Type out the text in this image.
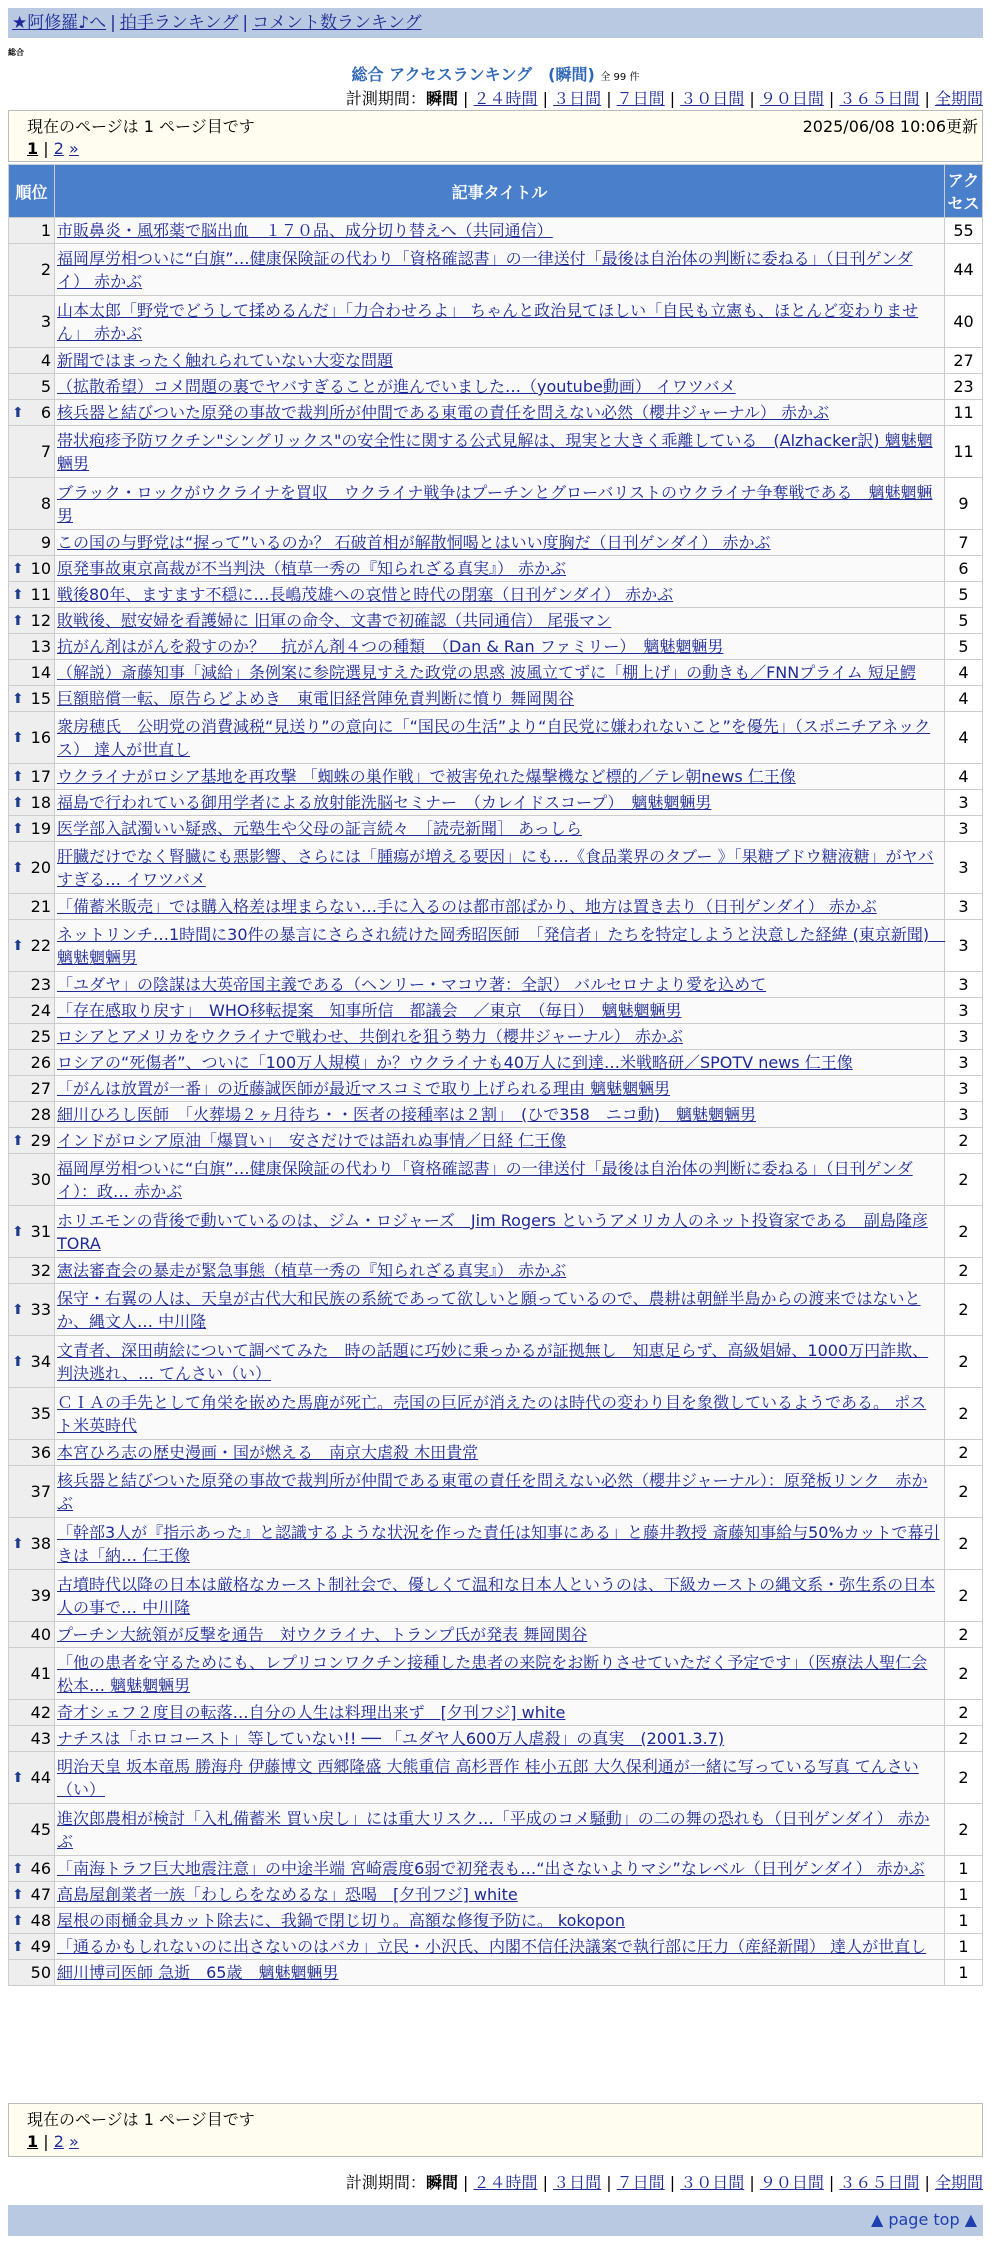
★阿修羅♪へ | 拍手ランキング | コメント数ランキング
総合
総合 アクセスランキング　(瞬間) 全 99 件
計測期間：瞬間 | ２４時間 | ３日間 | ７日間 | ３０日間 | ９０日間 | ３６５日間 | 全期間
現在のページは 1 ページ目です	2025/06/08 10:06更新
1 | 2 »
順位	記事タイトル	アクセス
1	市販鼻炎・風邪薬で脳出血　１７０品、成分切り替えへ（共同通信）	55
2	福岡厚労相ついに“白旗”…健康保険証の代わり「資格確認書」の一律送付「最後は自治体の判断に委ねる」（日刊ゲンダイ） 赤かぶ	44
3	山本太郎「野党でどうして揉めるんだ」「力合わせろよ」 ちゃんと政治見てほしい「自民も立憲も、ほとんど変わりません」 赤かぶ	40
4	新聞ではまったく触れられていない大変な問題	27
5	（拡散希望）コメ問題の裏でヤバすぎることが進んでいました…（youtube動画） イワツバメ	23

⬆ 6	核兵器と結びついた原発の事故で裁判所が仲間である東電の責任を問えない必然（櫻井ジャーナル） 赤かぶ	11
7	帯状疱疹予防ワクチン"シングリックス"の安全性に関する公式見解は、現実と大きく乖離している　(Alzhacker訳) 魑魅魍魎男	11
8	ブラック・ロックがウクライナを買収　ウクライナ戦争はプーチンとグローバリストのウクライナ争奪戦である　魑魅魍魎男	9
9	この国の与野党は“握って”いるのか？ 石破首相が解散恫喝とはいい度胸だ（日刊ゲンダイ） 赤かぶ	7

⬆ 10	原発事故東京高裁が不当判決（植草一秀の『知られざる真実』） 赤かぶ	6

⬆ 11	戦後80年、ますます不穏に…長嶋茂雄への哀惜と時代の閉塞（日刊ゲンダイ） 赤かぶ	5

⬆ 12	敗戦後、慰安婦を看護婦に 旧軍の命令、文書で初確認（共同通信） 尾張マン	5
13	抗がん剤はがんを殺すのか？　抗がん剤４つの種類　（Dan & Ran ファミリー）　魑魅魍魎男	5
14	（解説）斎藤知事「減給」条例案に参院選見すえた政党の思惑 波風立てずに「棚上げ」の動きも／FNNプライム 短足鰐	4

⬆ 15	巨額賠償一転、原告らどよめき　東電旧経営陣免責判断に憤り 舞岡関谷	4

⬆ 16	衆房穂氏　公明党の消費減税“見送り”の意向に「“国民の生活”より“自民党に嫌われないこと”を優先」（スポニチアネックス） 達人が世直し	4

⬆ 17	ウクライナがロシア基地を再攻撃 「蜘蛛の巣作戦」で被害免れた爆撃機など標的／テレ朝news 仁王像	4

⬆ 18	福島で行われている御用学者による放射能洗脳セミナー　（カレイドスコープ）　魑魅魍魎男	3

⬆ 19	医学部入試濁いい疑惑、元塾生や父母の証言続々　［読売新聞］ あっしら	3

⬆ 20	肝臓だけでなく腎臓にも悪影響、さらには「腫瘍が増える要因」にも…《食品業界のタブー 》「果糖ブドウ糖液糖」がヤバすぎる… イワツバメ	3
21	「備蓄米販売」では購入格差は埋まらない…手に入るのは都市部ばかり、地方は置き去り（日刊ゲンダイ） 赤かぶ	3

⬆ 22	ネットリンチ…1時間に30件の暴言にさらされ続けた岡秀昭医師　「発信者」たちを特定しようと決意した経緯 (東京新聞)　魑魅魍魎男	3
23	「ユダヤ」の陰謀は大英帝国主義である（ヘンリー・マコウ著：全訳） バルセロナより愛を込めて	3
24	「存在感取り戻す」　WHO移転提案　知事所信　都議会　／東京　（毎日）　魑魅魍魎男	3
25	ロシアとアメリカをウクライナで戦わせ、共倒れを狙う勢力（櫻井ジャーナル） 赤かぶ	3
26	ロシアの“死傷者”、ついに「100万人規模」か？ウクライナも40万人に到達…米戦略研／SPOTV news 仁王像	3
27	「がんは放置が一番」の近藤誠医師が最近マスコミで取り上げられる理由 魑魅魍魎男	3
28	細川ひろし医師　「火葬場２ヶ月待ち・・医者の接種率は２割」　(ひで358　ニコ動)　魑魅魍魎男	3

⬆ 29	インドがロシア原油「爆買い」　安さだけでは語れぬ事情／日経 仁王像	2
30	福岡厚労相ついに“白旗”…健康保険証の代わり「資格確認書」の一律送付「最後は自治体の判断に委ねる」（日刊ゲンダイ）：政… 赤かぶ	2

⬆ 31	ホリエモンの背後で動いているのは、ジム・ロジャーズ　Jim Rogers というアメリカ人のネット投資家である　副島隆彦TORA	2
32	憲法審査会の暴走が緊急事態（植草一秀の『知られざる真実』） 赤かぶ	2

⬆ 33	保守・右翼の人は、天皇が古代大和民族の系統であって欲しいと願っているので、農耕は朝鮮半島からの渡来ではないとか、縄文人… 中川隆	2

⬆ 34	文青者、深田萌絵について調べてみた　時の話題に巧妙に乗っかるが証拠無し　知恵足らず、高級娼婦、1000万円詐欺、判決逃れ、… てんさい（い）	2
35	ＣＩＡの手先として角栄を嵌めた馬鹿が死亡。売国の巨匠が消えたのは時代の変わり目を象徴しているようである。 ポスト米英時代	2
36	本宮ひろ志の歴史漫画・国が燃える　南京大虐殺 木田貴常	2
37	核兵器と結びついた原発の事故で裁判所が仲間である東電の責任を問えない必然（櫻井ジャーナル）：原発板リンク　赤かぶ	2

⬆ 38	「幹部3人が『指示あった』と認識するような状況を作った責任は知事にある」と藤井教授 斎藤知事給与50%カットで幕引きは「納… 仁王像	2
39	古墳時代以降の日本は厳格なカースト制社会で、優しくて温和な日本人というのは、下級カーストの縄文系・弥生系の日本人の事で… 中川隆	2
40	プーチン大統領が反撃を通告　対ウクライナ、トランプ氏が発表 舞岡関谷	2
41	「他の患者を守るためにも、レプリコンワクチン接種した患者の来院をお断りさせていただく予定です」（医療法人聖仁会松本… 魑魅魍魎男	2
42	奇才シェフ２度目の転落…自分の人生は料理出来ず　[夕刊フジ] white	2
43	ナチスは「ホロコースト」等していない!! ── 「ユダヤ人600万人虐殺」の真実　(2001.3.7)	2

⬆ 44	明治天皇 坂本竜馬 勝海舟 伊藤博文 西郷隆盛 大熊重信 高杉晋作 桂小五郎 大久保利通が一緒に写っている写真 てんさい（い）	2
45	進次郎農相が検討「入札備蓄米 買い戻し」には重大リスク…「平成のコメ騒動」の二の舞の恐れも（日刊ゲンダイ） 赤かぶ	2

⬆ 46	「南海トラフ巨大地震注意」の中途半端 宮崎震度6弱で初発表も…“出さないよりマシ”なレベル（日刊ゲンダイ） 赤かぶ	1

⬆ 47	高島屋創業者一族「わしらをなめるな」恐喝　[夕刊フジ] white	1

⬆ 48	屋根の雨樋金具カット除去に、我鍋で閉じ切り。高額な修復予防に。 kokopon	1

⬆ 49	「通るかもしれないのに出さないのはバカ」立民・小沢氏、内閣不信任決議案で執行部に圧力（産経新聞） 達人が世直し	1
50	細川博司医師 急逝　65歳　魑魅魍魎男	1
現在のページは 1 ページ目です
1 | 2 »
計測期間：瞬間 | ２４時間 | ３日間 | ７日間 | ３０日間 | ９０日間 | ３６５日間 | 全期間
▲ page top ▲
